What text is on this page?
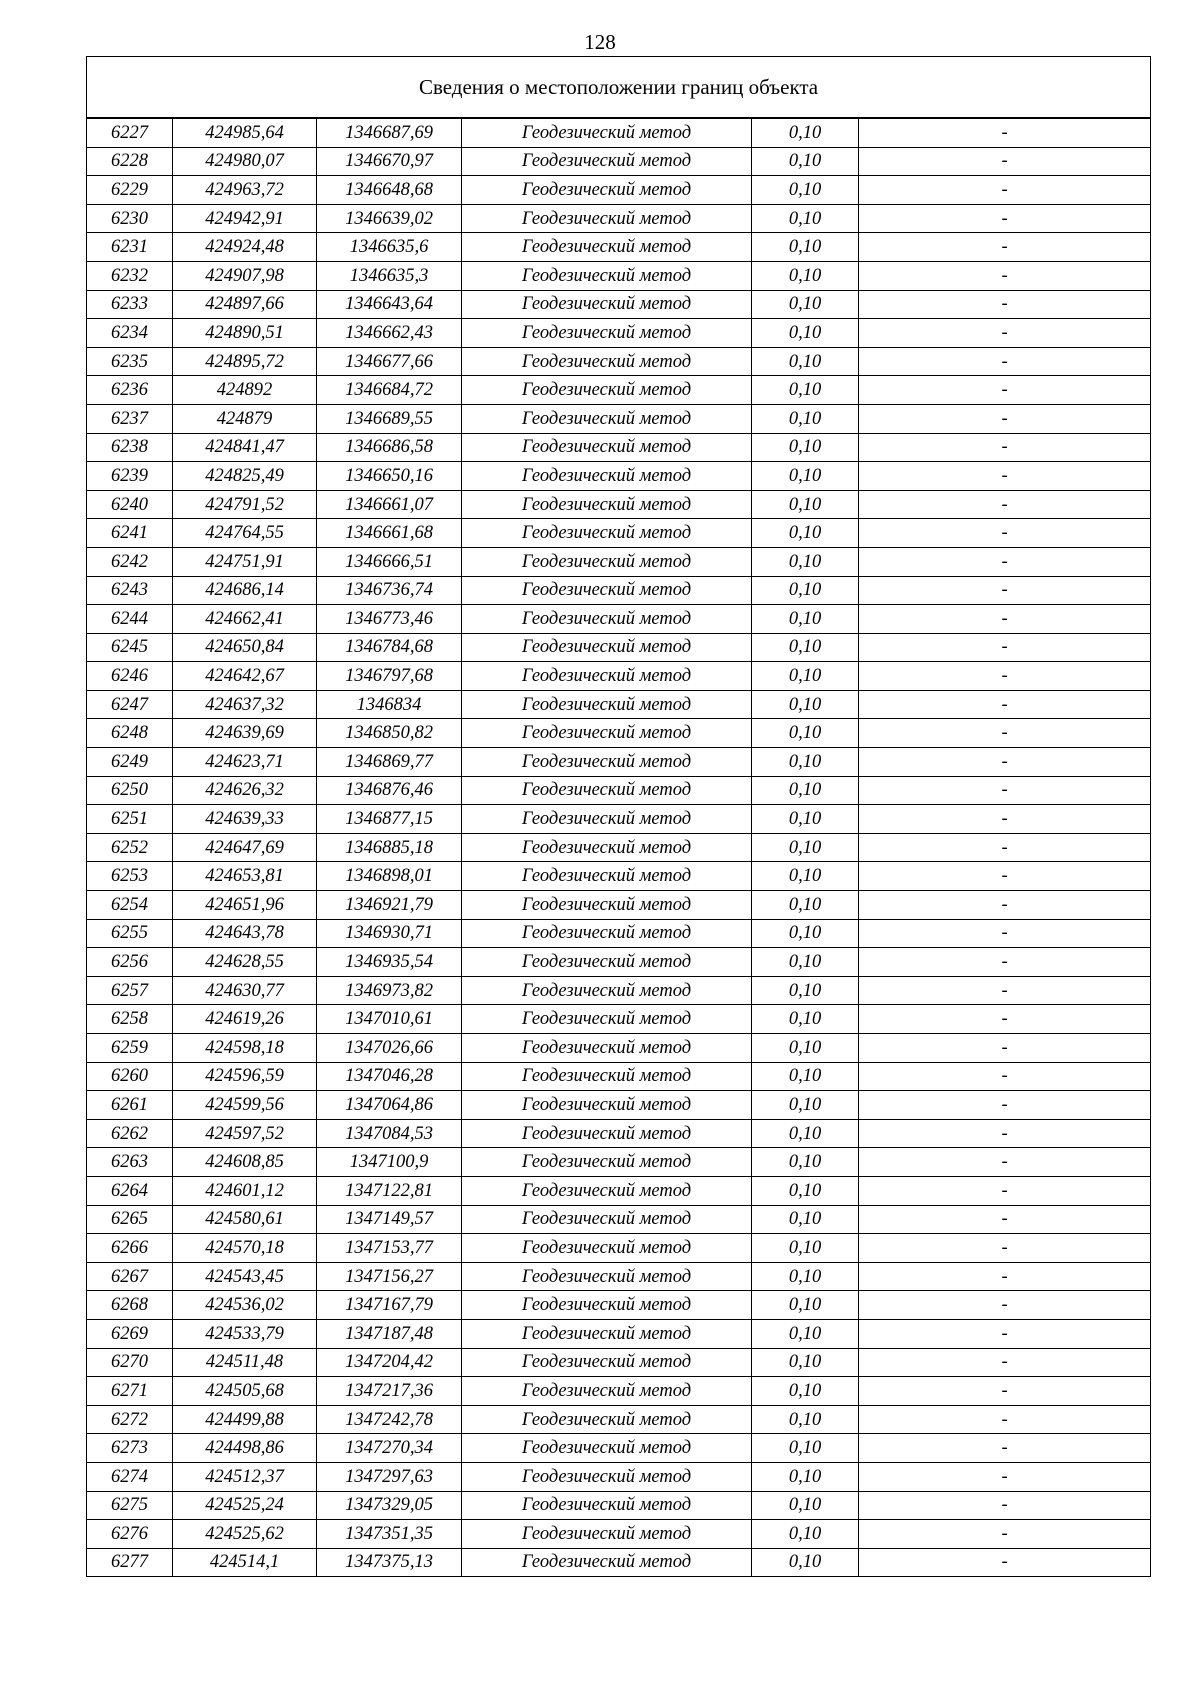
128
Сведения о местоположении границ объекта					
6227	424985,64	1346687,69	Геодезический метод	0,10	-
6228	424980,07	1346670,97	Геодезический метод	0,10	-
6229	424963,72	1346648,68	Геодезический метод	0,10	-
6230	424942,91	1346639,02	Геодезический метод	0,10	-
6231	424924,48	1346635,6	Геодезический метод	0,10	-
6232	424907,98	1346635,3	Геодезический метод	0,10	-
6233	424897,66	1346643,64	Геодезический метод	0,10	-
6234	424890,51	1346662,43	Геодезический метод	0,10	-
6235	424895,72	1346677,66	Геодезический метод	0,10	-
6236	424892	1346684,72	Геодезический метод	0,10	-
6237	424879	1346689,55	Геодезический метод	0,10	-
6238	424841,47	1346686,58	Геодезический метод	0,10	-
6239	424825,49	1346650,16	Геодезический метод	0,10	-
6240	424791,52	1346661,07	Геодезический метод	0,10	-
6241	424764,55	1346661,68	Геодезический метод	0,10	-
6242	424751,91	1346666,51	Геодезический метод	0,10	-
6243	424686,14	1346736,74	Геодезический метод	0,10	-
6244	424662,41	1346773,46	Геодезический метод	0,10	-
6245	424650,84	1346784,68	Геодезический метод	0,10	-
6246	424642,67	1346797,68	Геодезический метод	0,10	-
6247	424637,32	1346834	Геодезический метод	0,10	-
6248	424639,69	1346850,82	Геодезический метод	0,10	-
6249	424623,71	1346869,77	Геодезический метод	0,10	-
6250	424626,32	1346876,46	Геодезический метод	0,10	-
6251	424639,33	1346877,15	Геодезический метод	0,10	-
6252	424647,69	1346885,18	Геодезический метод	0,10	-
6253	424653,81	1346898,01	Геодезический метод	0,10	-
6254	424651,96	1346921,79	Геодезический метод	0,10	-
6255	424643,78	1346930,71	Геодезический метод	0,10	-
6256	424628,55	1346935,54	Геодезический метод	0,10	-
6257	424630,77	1346973,82	Геодезический метод	0,10	-
6258	424619,26	1347010,61	Геодезический метод	0,10	-
6259	424598,18	1347026,66	Геодезический метод	0,10	-
6260	424596,59	1347046,28	Геодезический метод	0,10	-
6261	424599,56	1347064,86	Геодезический метод	0,10	-
6262	424597,52	1347084,53	Геодезический метод	0,10	-
6263	424608,85	1347100,9	Геодезический метод	0,10	-
6264	424601,12	1347122,81	Геодезический метод	0,10	-
6265	424580,61	1347149,57	Геодезический метод	0,10	-
6266	424570,18	1347153,77	Геодезический метод	0,10	-
6267	424543,45	1347156,27	Геодезический метод	0,10	-
6268	424536,02	1347167,79	Геодезический метод	0,10	-
6269	424533,79	1347187,48	Геодезический метод	0,10	-
6270	424511,48	1347204,42	Геодезический метод	0,10	-
6271	424505,68	1347217,36	Геодезический метод	0,10	-
6272	424499,88	1347242,78	Геодезический метод	0,10	-
6273	424498,86	1347270,34	Геодезический метод	0,10	-
6274	424512,37	1347297,63	Геодезический метод	0,10	-
6275	424525,24	1347329,05	Геодезический метод	0,10	-
6276	424525,62	1347351,35	Геодезический метод	0,10	-
6277	424514,1	1347375,13	Геодезический метод	0,10	-
